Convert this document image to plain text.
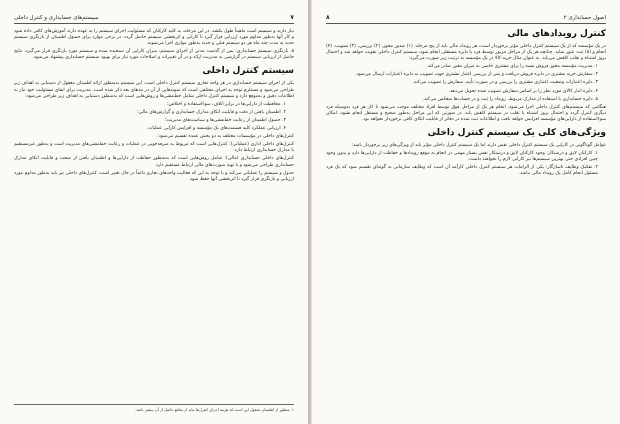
۷
سیستم‌های حسابداری و کنترل داخلی

نیاز دارند و سیستم است ماهیتاً طول بکشد. در این مرحله، به کلیه کارکنان که مسئولیت اجرای سیستم را به عهده دارند آموزش‌های کافی داده شود و کار آنها به‌طور مداوم مورد ارزیابی قرار گیرد تا کارایی و اثربخشی سیستم حاصل گردد. در برخی موارد برای حصول اطمینان از بازنگری سیستم جدید به مدت چند ماه هر دو سیستم قبلی و جدید به‌طور موازی اجرا می‌شوند.

۵. بازنگری سیستم حسابداری: پس از گذشت مدتی از اجرای سیستم، میزان کارایی آن سنجیده شده و سیستم مورد بازنگری قرار می‌گیرد. نتایج حاصل از ارزیابی سیستم در گزارشی به مدیریت ارائه و در آن تغییرات و اصلاحات مورد نیاز برای بهبود سیستم حسابداری پیشنهاد می‌شود.

سیستم کنترل داخلی

یکی از اجزای سیستم حسابداری در هر واحد تجاری سیستم کنترل داخلی است. این سیستم به‌منظور ارائه اطمینان معقول از دستیابی به اهداف زیر طراحی می‌شود و مستلزم توجه به اجزای مختلفی است که نمونه‌هایی از آن در بندهای بعد ذکر شده است. مدیریت برای ایفای مسئولیت خود نیاز به اطلاعات دقیق و به‌موقع دارد و سیستم کنترل داخلی شامل خط‌مشی‌ها و روش‌هایی است که به‌منظور دستیابی به اهداف زیر طراحی می‌شود:

۱. محافظت از دارایی‌ها در برابر اتلاف، سوءاستفاده و اختلاس؛
۲. اطمینان یافتن از دقت و قابلیت اتکای مدارک حسابداری و گزارش‌های مالی؛
۳. حصول اطمینان از رعایت خط‌مشی‌ها و سیاست‌های مدیریت؛
۴. ارزیابی عملکرد کلیه قسمت‌های یک مؤسسه و افزایش کارایی عملیات.

کنترل‌های داخلی در مؤسسات مختلف به دو بخش عمده تقسیم می‌شود:

کنترل‌های داخلی اداری (عملیاتی): کنترل‌هایی است که مربوط به صرفه‌جویی در عملیات و رعایت خط‌مشی‌های مدیریت است و به‌طور غیرمستقیم با مدارک حسابداری ارتباط دارد.

کنترل‌های داخلی حسابداری (مالی): شامل روش‌هایی است که به‌منظور حفاظت از دارایی‌ها و اطمینان یافتن از صحت و قابلیت اتکای مدارک حسابداری طراحی می‌شود و با تهیه صورت‌های مالی ارتباط مستقیم دارد.

جدول و سیستم را عملیاتی می‌کند و با توجه به این که فعالیت واحدهای تجاری دائماً در حال تغییر است، کنترل‌های داخلی نیز باید به‌طور مداوم مورد ارزیابی و بازنگری قرار گیرد تا اثربخشی آنها حفظ شود.

۱. منظور از اطمینان معقول این است که هزینه اجرای کنترل‌ها نباید از منافع حاصل از آن بیشتر باشد.
اصول حسابداری ۲
۸
کنترل رویدادهای مالی

در یک مؤسسه که از یک سیستم کنترل داخلی مؤثر برخوردار است، هر رویداد مالی باید از پنج مرحله: (۱) صدور مجوز، (۲) بررسی، (۳) تصویب، (۴) انجام و (۵) ثبت عبور نماید. چنانچه هر یک از مراحل مزبور توسط فرد یا دایره مستقلی انجام شود، سیستم کنترل داخلی تقویت خواهد شد و احتمال بروز اشتباه و تقلب کاهش می‌یابد. به عنوان مثال خرید کالا در یک مؤسسه به ترتیب زیر صورت می‌گیرد:

۱. مدیریت مؤسسه مجوز فروش نسیه را برای مشتری خاصی به میزان معین صادر می‌کند.
۲. سفارش خرید مشتری در دایره فروش دریافت و پس از بررسی اعتبار مشتری جهت تصویب به دایره اعتبارات ارسال می‌شود.
۳. دایره اعتبارات وضعیت اعتباری مشتری را بررسی و در صورت تأیید، سفارش را تصویب می‌کند.
۴. دایره انبار کالای مورد نظر را بر اساس سفارش تصویب شده تحویل می‌دهد.
۵. دایره حسابداری با استفاده از مدارک مربوط، رویداد را ثبت و در حساب‌ها منعکس می‌کند.

هنگامی که سیستم‌های کنترل داخلی اجرا می‌شود، انجام هر یک از مراحل فوق توسط افراد مختلف موجب می‌شود تا کار هر فرد به‌وسیله فرد دیگری کنترل گردد و احتمال بروز اشتباه یا تقلب در سیستم کاهش یابد. در صورتی که این مراحل به‌طور صحیح و مستقل انجام نشود، امکان سوءاستفاده از دارایی‌های مؤسسه افزایش خواهد یافت و اطلاعات ثبت شده در دفاتر از قابلیت اتکای کافی برخوردار نخواهد بود.

ویژگی‌های کلی یک سیستم کنترل داخلی

عوامل گوناگونی در کارایی یک سیستم کنترل داخلی نقش دارند اما یک سیستم کنترل داخلی مؤثر باید از ویژگی‌های زیر برخوردار باشد:

۱. کارکنان لایق و درستکار: وجود کارکنان لایق و درستکار نقش بسیار مهمی در انجام به موقع رویدادها و حفاظت از دارایی‌ها دارد و بدون وجود چنین افرادی حتی بهترین سیستم‌ها نیز کارایی لازم را نخواهند داشت.
۲. تفکیک وظایف ناسازگار: یکی از الزامات هر سیستم کنترل داخلی کارآمد آن است که وظایف سازمانی به گونه‌ای تقسیم شود که یک فرد مسئول انجام کامل یک رویداد مالی نباشد.
